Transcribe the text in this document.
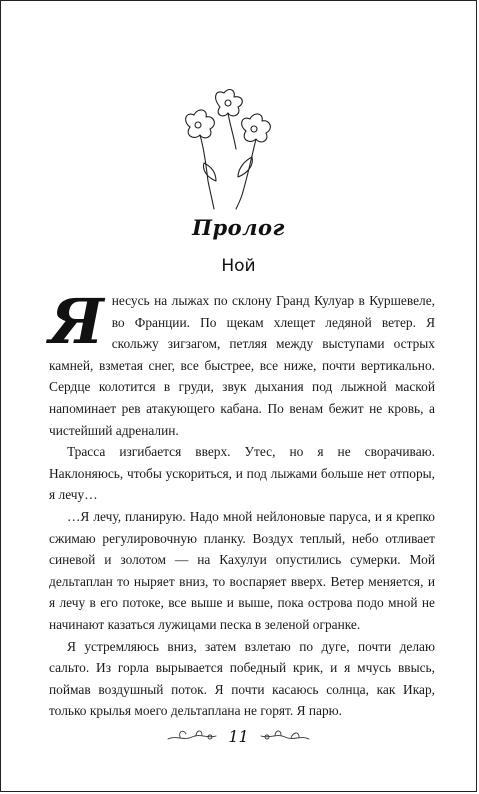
Пролог
Ной

Я несусь на лыжах по склону Гранд Кулуар в Куршевеле, во Франции. По щекам хлещет ледяной ветер. Я скольжу зигзагом, петляя между выступами острых камней, взметая снег, все быстрее, все ниже, почти вертикально. Сердце колотится в груди, звук дыхания под лыжной маской напоминает рев атакующего кабана. По венам бежит не кровь, а чистейший адреналин.

Трасса изгибается вверх. Утес, но я не сворачиваю. Наклоняюсь, чтобы ускориться, и под лыжами больше нет отпоры, я лечу…

…Я лечу, планирую. Надо мной нейлоновые паруса, и я крепко сжимаю регулировочную планку. Воздух теплый, небо отливает синевой и золотом — на Кахулуи опустились сумерки. Мой дельтаплан то ныряет вниз, то воспаряет вверх. Ветер меняется, и я лечу в его потоке, все выше и выше, пока острова подо мной не начинают казаться лужицами песка в зеленой огранке.

Я устремляюсь вниз, затем взлетаю по дуге, почти делаю сальто. Из горла вырывается победный крик, и я мчусь ввысь, поймав воздушный поток. Я почти касаюсь солнца, как Икар, только крылья моего дельтаплана не горят. Я парю.

11
